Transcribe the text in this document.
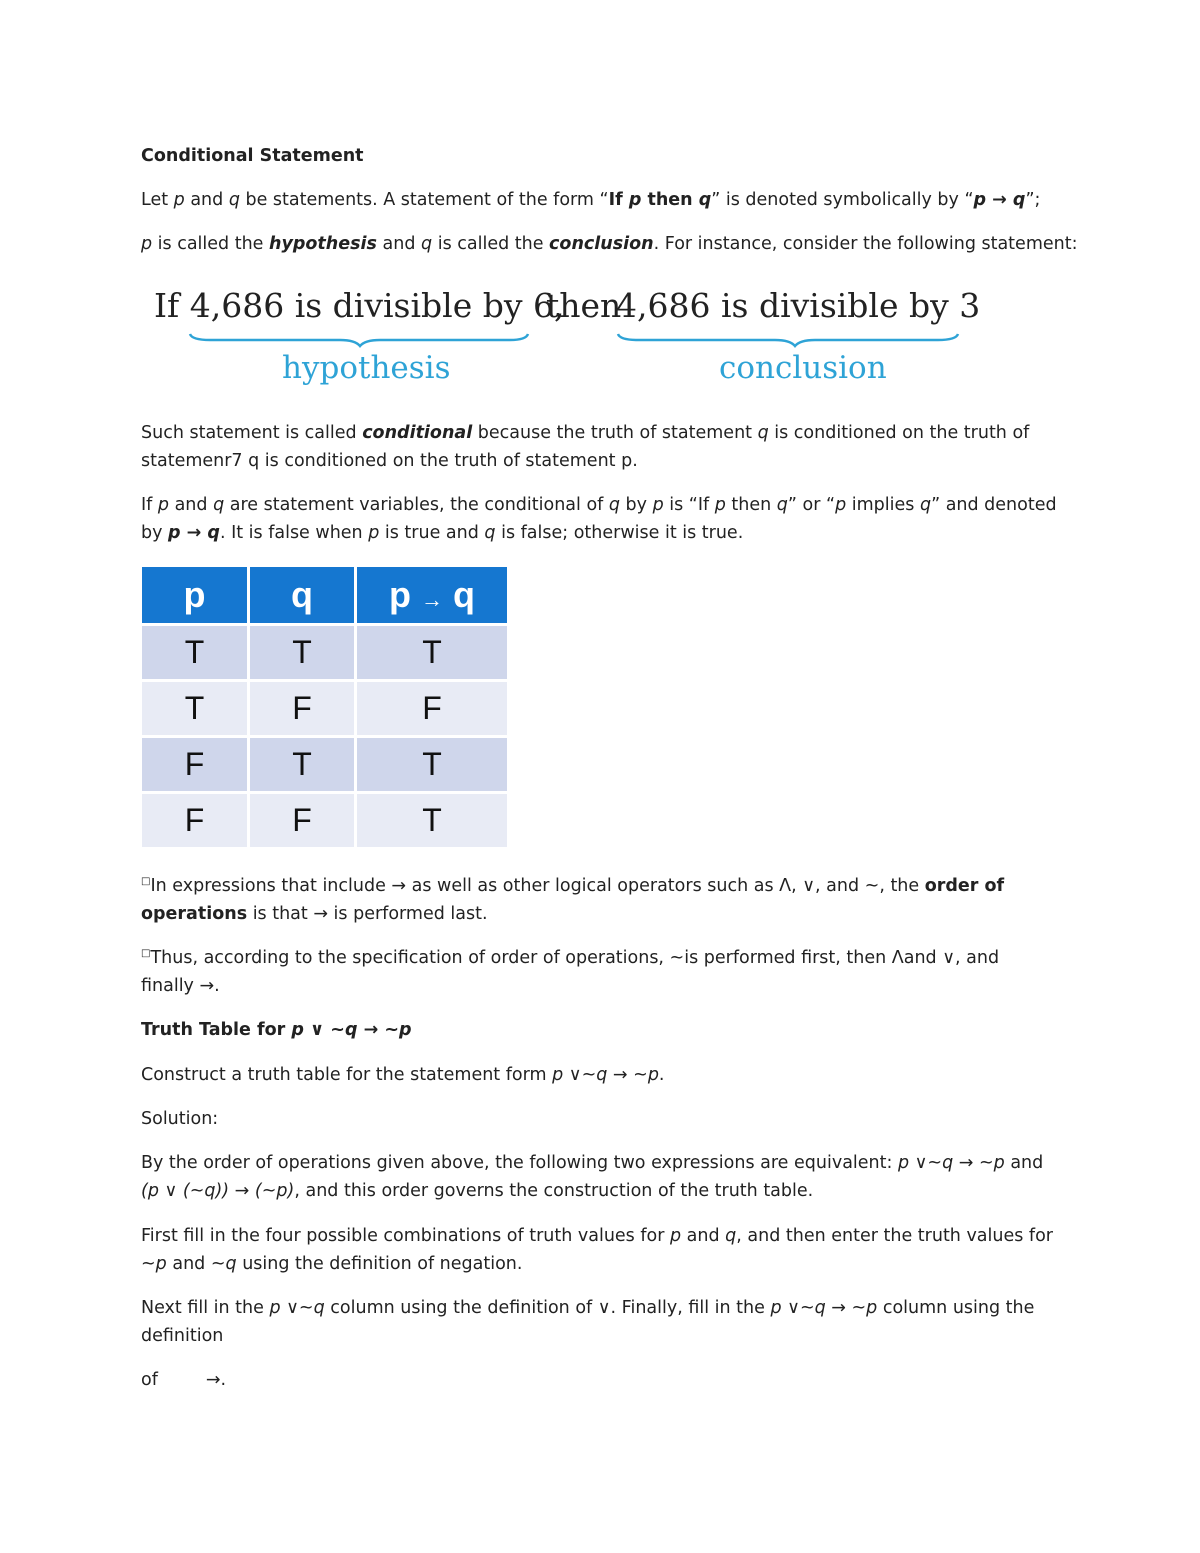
Conditional Statement
Let p and q be statements. A statement of the form “If p then q” is denoted symbolically by “p → q”;
p is called the hypothesis and q is called the conclusion. For instance, consider the following statement:
If 4,686 is divisible by 6,
then
4,686 is divisible by 3
hypothesis	conclusion
Such statement is called conditional because the truth of statement q is conditioned on the truth of
statemenr7 q is conditioned on the truth of statement p.
If p and q are statement variables, the conditional of q by p is “If p then q” or “p implies q” and denoted
by p → q. It is false when p is true and q is false; otherwise it is true.
p	q	p → q
T	T	T
T	F	F
F	T	T
F	F	T
□In expressions that include → as well as other logical operators such as Λ, ∨, and ~, the order of
operations is that → is performed last.
□Thus, according to the specification of order of operations, ~is performed first, then Λand ∨, and
finally →.
Truth Table for p ∨ ~q → ~p
Construct a truth table for the statement form p ∨~q → ~p.
Solution:
By the order of operations given above, the following two expressions are equivalent: p ∨~q → ~p and
(p ∨ (~q)) → (~p), and this order governs the construction of the truth table.
First fill in the four possible combinations of truth values for p and q, and then enter the truth values for
~p and ~q using the definition of negation.
Next fill in the p ∨~q column using the definition of ∨. Finally, fill in the p ∨~q → ~p column using the
definition
of	→.
